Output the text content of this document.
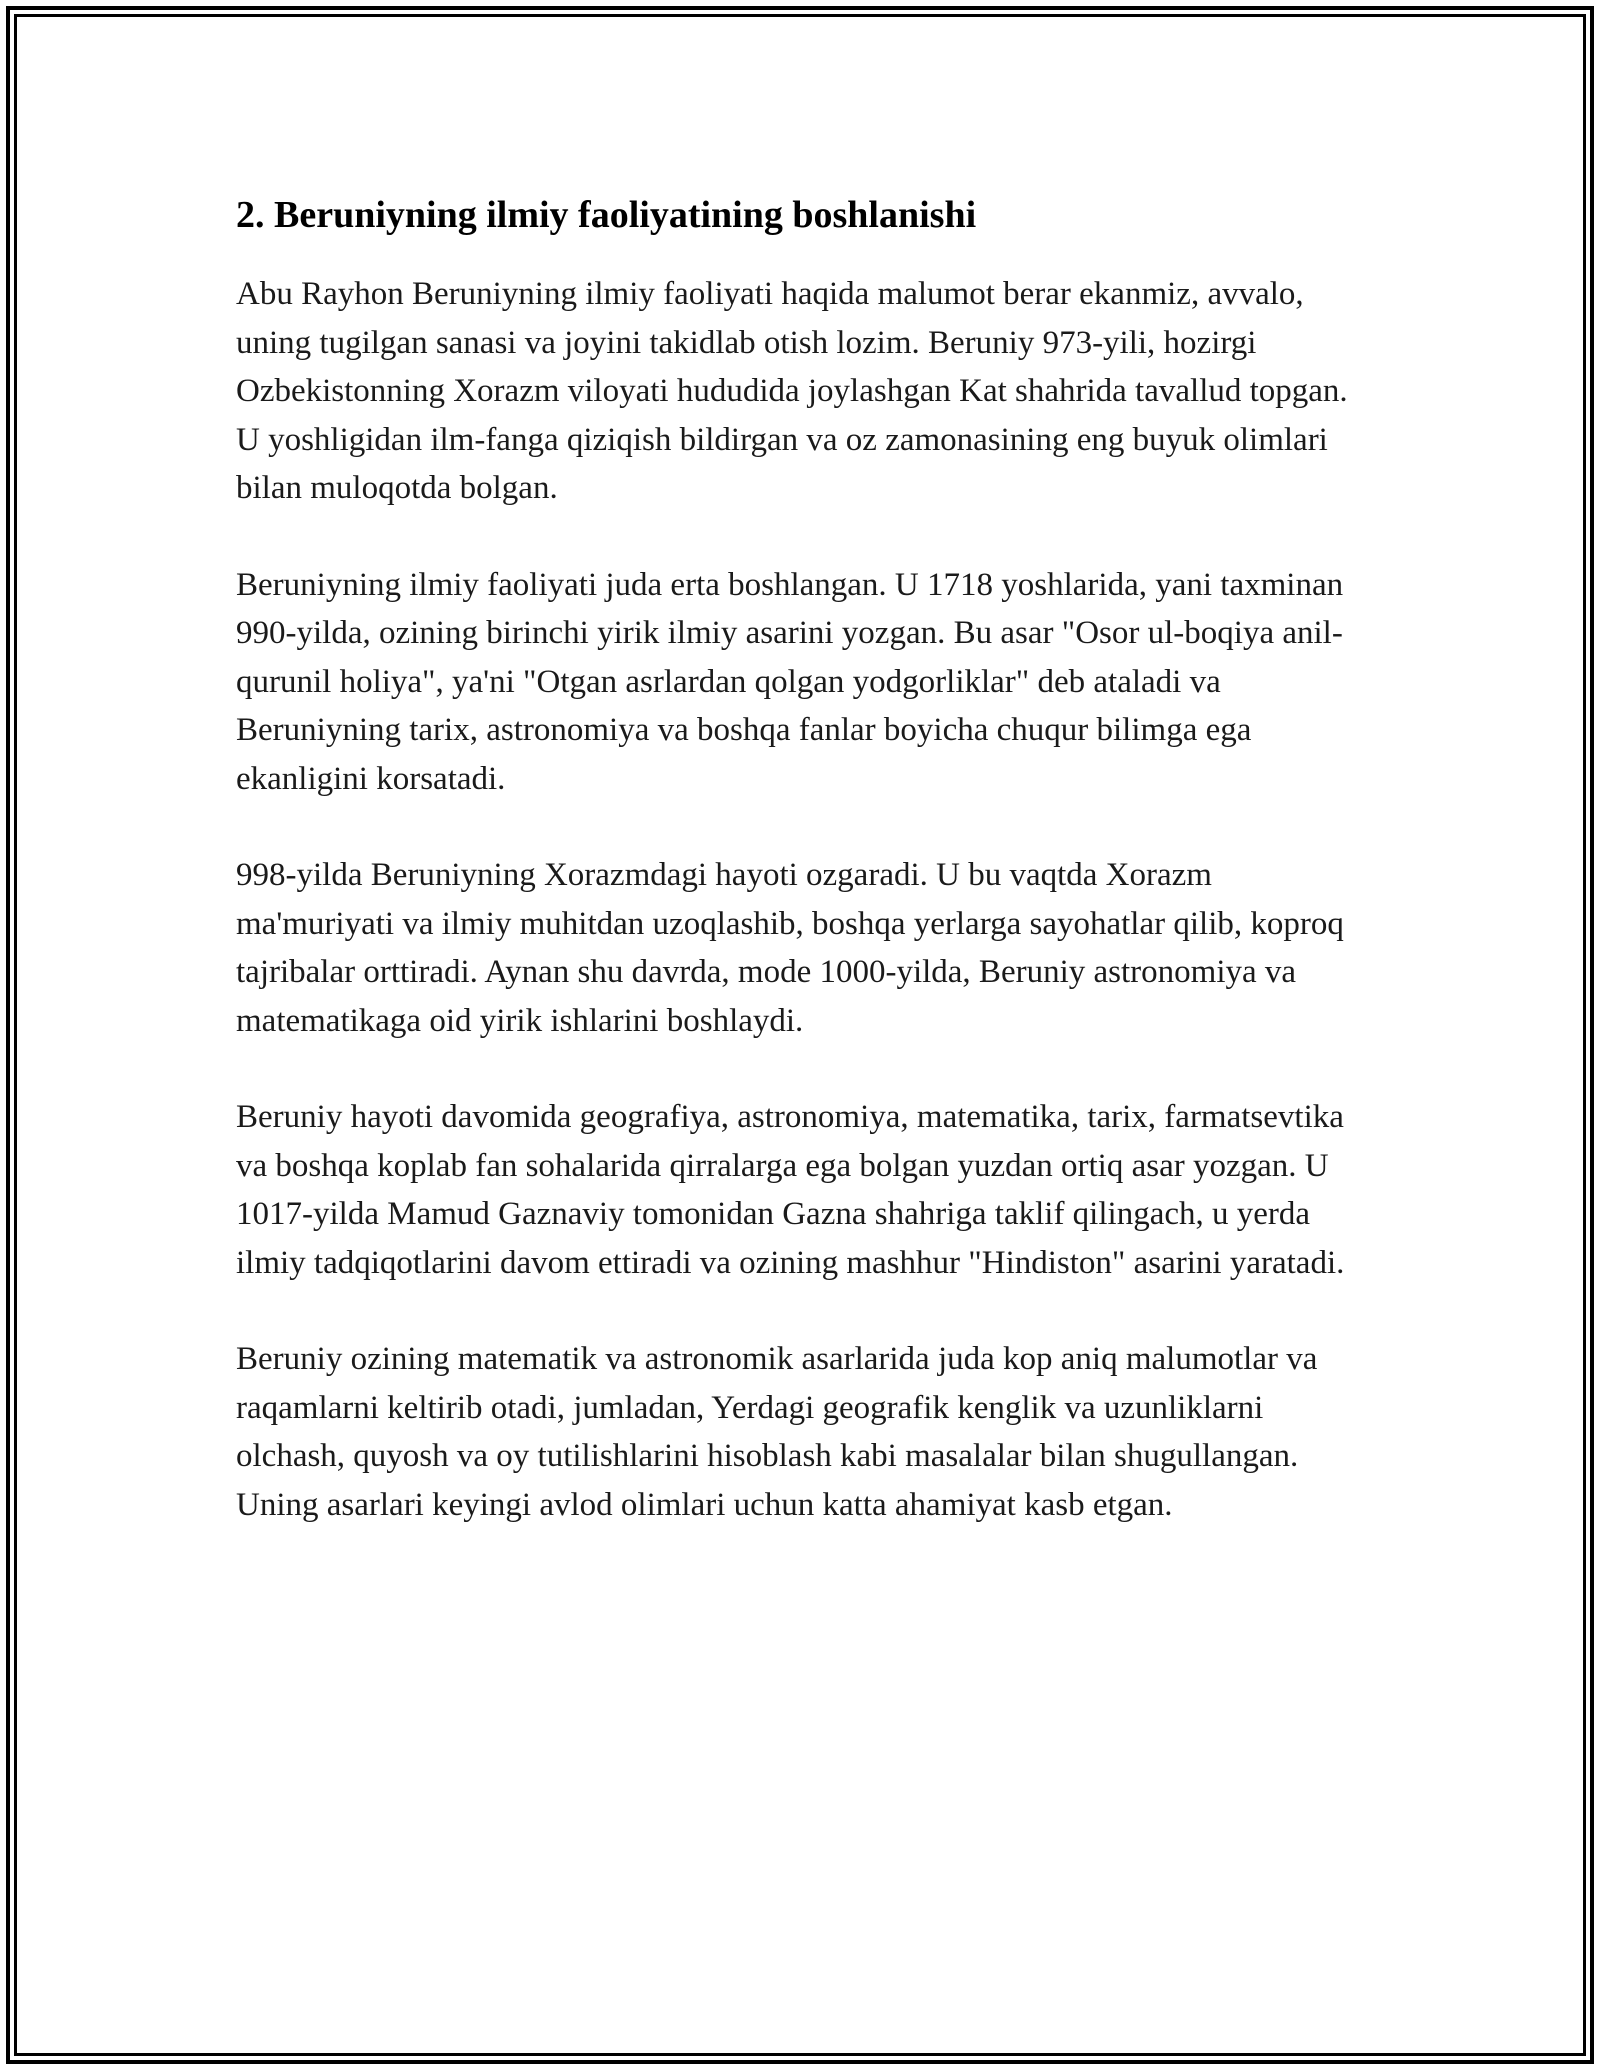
2. Beruniyning ilmiy faoliyatining boshlanishi

Abu Rayhon Beruniyning ilmiy faoliyati haqida malumot berar ekanmiz, avvalo, uning tugilgan sanasi va joyini takidlab otish lozim. Beruniy 973-yili, hozirgi Ozbekistonning Xorazm viloyati hududida joylashgan Kat shahrida tavallud topgan. U yoshligidan ilm-fanga qiziqish bildirgan va oz zamonasining eng buyuk olimlari bilan muloqotda bolgan.

Beruniyning ilmiy faoliyati juda erta boshlangan. U 1718 yoshlarida, yani taxminan 990-yilda, ozining birinchi yirik ilmiy asarini yozgan. Bu asar "Osor ul-boqiya anil-qurunil holiya", ya'ni "Otgan asrlardan qolgan yodgorliklar" deb ataladi va Beruniyning tarix, astronomiya va boshqa fanlar boyicha chuqur bilimga ega ekanligini korsatadi.

998-yilda Beruniyning Xorazmdagi hayoti ozgaradi. U bu vaqtda Xorazm ma'muriyati va ilmiy muhitdan uzoqlashib, boshqa yerlarga sayohatlar qilib, koproq tajribalar orttiradi. Aynan shu davrda, mode 1000-yilda, Beruniy astronomiya va matematikaga oid yirik ishlarini boshlaydi.

Beruniy hayoti davomida geografiya, astronomiya, matematika, tarix, farmatsevtika va boshqa koplab fan sohalarida qirralarga ega bolgan yuzdan ortiq asar yozgan. U 1017-yilda Mamud Gaznaviy tomonidan Gazna shahriga taklif qilingach, u yerda ilmiy tadqiqotlarini davom ettiradi va ozining mashhur "Hindiston" asarini yaratadi.

Beruniy ozining matematik va astronomik asarlarida juda kop aniq malumotlar va raqamlarni keltirib otadi, jumladan, Yerdagi geografik kenglik va uzunliklarni olchash, quyosh va oy tutilishlarini hisoblash kabi masalalar bilan shugullangan. Uning asarlari keyingi avlod olimlari uchun katta ahamiyat kasb etgan.
